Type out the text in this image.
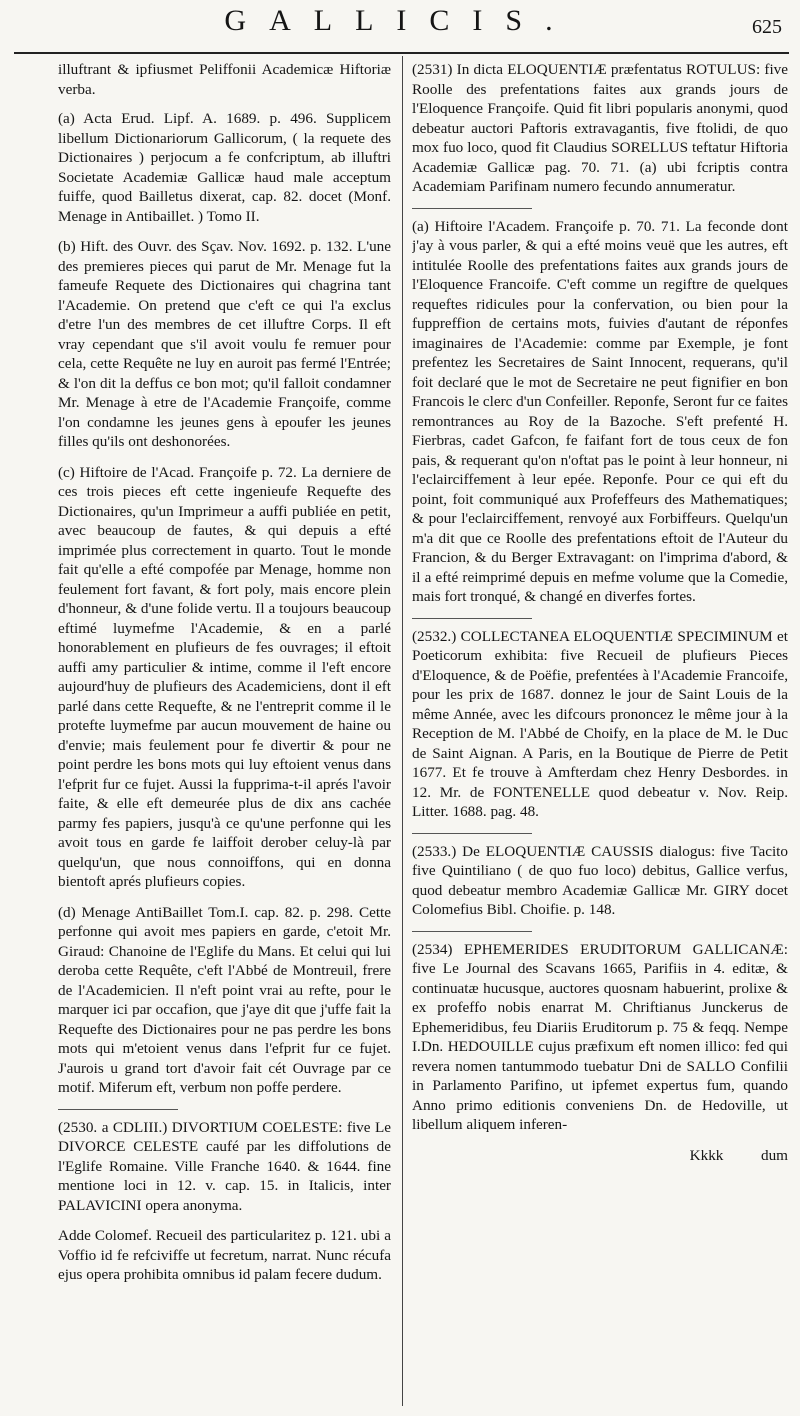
GALLICIS.	625

illuftrant & ipfiusmet Peliffonii Academicæ Hiftoriæ verba.

(a) Acta Erud. Lipf. A. 1689. p. 496. Supplicem libellum Dictionariorum Gallicorum, ( la requete des Dictionaires ) perjocum a fe confcriptum, ab illuftri Societate Academiæ Gallicæ haud male acceptum fuiffe, quod Bailletus dixerat, cap. 82. docet (Monf. Menage in Antibaillet. ) Tomo II.

(b) Hift. des Ouvr. des Sçav. Nov. 1692. p. 132. L'une des premieres pieces qui parut de Mr. Menage fut la fameufe Requete des Dictionaires qui chagrina tant l'Academie. On pretend que c'eft ce qui l'a exclus d'etre l'un des membres de cet illuftre Corps. Il eft vray cependant que s'il avoit voulu fe remuer pour cela, cette Requête ne luy en auroit pas fermé l'Entrée; & l'on dit la deffus ce bon mot; qu'il falloit condamner Mr. Menage à etre de l'Academie Françoife, comme l'on condamne les jeunes gens à epoufer les jeunes filles qu'ils ont deshonorées.

(c) Hiftoire de l'Acad. Françoife p. 72. La derniere de ces trois pieces eft cette ingenieufe Requefte des Dictionaires, qu'un Imprimeur a auffi publiée en petit, avec beaucoup de fautes, & qui depuis a efté imprimée plus correctement in quarto. Tout le monde fait qu'elle a efté compofée par Menage, homme non feulement fort favant, & fort poly, mais encore plein d'honneur, & d'une folide vertu. Il a toujours beaucoup eftimé luymefme l'Academie, & en a parlé honorablement en plufieurs de fes ouvrages; il eftoit auffi amy particulier & intime, comme il l'eft encore aujourd'huy de plufieurs des Academiciens, dont il eft parlé dans cette Requefte, & ne l'entreprit comme il le protefte luymefme par aucun mouvement de haine ou d'envie; mais feulement pour fe divertir & pour ne point perdre les bons mots qui luy eftoient venus dans l'efprit fur ce fujet. Aussi la fupprima-t-il aprés l'avoir faite, & elle eft demeurée plus de dix ans cachée parmy fes papiers, jusqu'à ce qu'une perfonne qui les avoit tous en garde fe laiffoit derober celuy-là par quelqu'un, que nous connoiffons, qui en donna bientoft aprés plufieurs copies.

(d) Menage AntiBaillet Tom.I. cap. 82. p. 298. Cette perfonne qui avoit mes papiers en garde, c'etoit Mr. Giraud: Chanoine de l'Eglife du Mans. Et celui qui lui deroba cette Requête, c'eft l'Abbé de Montreuil, frere de l'Academicien. Il n'eft point vrai au refte, pour le marquer ici par occafion, que j'aye dit que j'uffe fait la Requefte des Dictionaires pour ne pas perdre les bons mots qui m'etoient venus dans l'efprit fur ce fujet. J'aurois u grand tort d'avoir fait cét Ouvrage par ce motif. Miferum eft, verbum non poffe perdere.

(2530. a CDLIII.) DIVORTIUM COELESTE: five Le DIVORCE CELESTE caufé par les diffolutions de l'Eglife Romaine. Ville Franche 1640. & 1644. fine mentione loci in 12. v. cap. 15. in Italicis, inter PALAVICINI opera anonyma.

Adde Colomef. Recueil des particularitez p. 121. ubi a Voffio id fe refciviffe ut fecretum, narrat. Nunc récufa ejus opera prohibita omnibus id palam fecere dudum.

(2531) In dicta ELOQUENTIÆ præfentatus ROTULUS: five Roolle des prefentations faites aux grands jours de l'Eloquence Françoife. Quid fit libri popularis anonymi, quod debeatur auctori Paftoris extravagantis, five ftolidi, de quo mox fuo loco, quod fit Claudius SORELLUS teftatur Hiftoria Academiæ Gallicæ pag. 70. 71. (a) ubi fcriptis contra Academiam Parifinam numero fecundo annumeratur.

(a) Hiftoire l'Academ. Françoife p. 70. 71. La feconde dont j'ay à vous parler, & qui a efté moins veuë que les autres, eft intitulée Roolle des prefentations faites aux grands jours de l'Eloquence Francoife. C'eft comme un regiftre de quelques requeftes ridicules pour la confervation, ou bien pour la fuppreffion de certains mots, fuivies d'autant de réponfes imaginaires de l'Academie: comme par Exemple, je font prefentez les Secretaires de Saint Innocent, requerans, qu'il foit declaré que le mot de Secretaire ne peut fignifier en bon Francois le clerc d'un Confeiller. Reponfe, Seront fur ce faites remontrances au Roy de la Bazoche. S'eft prefenté H. Fierbras, cadet Gafcon, fe faifant fort de tous ceux de fon pais, & requerant qu'on n'oftat pas le point à leur honneur, ni l'eclairciffement à leur epée. Reponfe. Pour ce qui eft du point, foit communiqué aux Profeffeurs des Mathematiques; & pour l'eclairciffement, renvoyé aux Forbiffeurs. Quelqu'un m'a dit que ce Roolle des prefentations eftoit de l'Auteur du Francion, & du Berger Extravagant: on l'imprima d'abord, & il a efté reimprimé depuis en mefme volume que la Comedie, mais fort tronqué, & changé en diverfes fortes.

(2532.) COLLECTANEA ELOQUENTIÆ SPECIMINUM et Poeticorum exhibita: five Recueil de plufieurs Pieces d'Eloquence, & de Poëfie, prefentées à l'Academie Francoife, pour les prix de 1687. donnez le jour de Saint Louis de la même Année, avec les difcours prononcez le même jour à la Reception de M. l'Abbé de Choify, en la place de M. le Duc de Saint Aignan. A Paris, en la Boutique de Pierre de Petit 1677. Et fe trouve à Amfterdam chez Henry Desbordes. in 12. Mr. de FONTENELLE quod debeatur v. Nov. Reip. Litter. 1688. pag. 48.

(2533.) De ELOQUENTIÆ CAUSSIS dialogus: five Tacito five Quintiliano ( de quo fuo loco) debitus, Gallice verfus, quod debeatur membro Academiæ Gallicæ Mr. GIRY docet Colomefius Bibl. Choifie. p. 148.

(2534) EPHEMERIDES ERUDITORUM GALLICANÆ: five Le Journal des Scavans 1665, Parifiis in 4. editæ, & continuatæ hucusque, auctores quosnam habuerint, prolixe & ex profeffo nobis enarrat M. Chriftianus Junckerus de Ephemeridibus, feu Diariis Eruditorum p. 75 & feqq. Nempe I.Dn. HEDOUILLE cujus præfixum eft nomen illico: fed qui revera nomen tantummodo tuebatur Dni de SALLO Confilii in Parlamento Parifino, ut ipfemet expertus fum, quando Anno primo editionis conveniens Dn. de Hedoville, ut libellum aliquem inferen-

Kkkk dum
